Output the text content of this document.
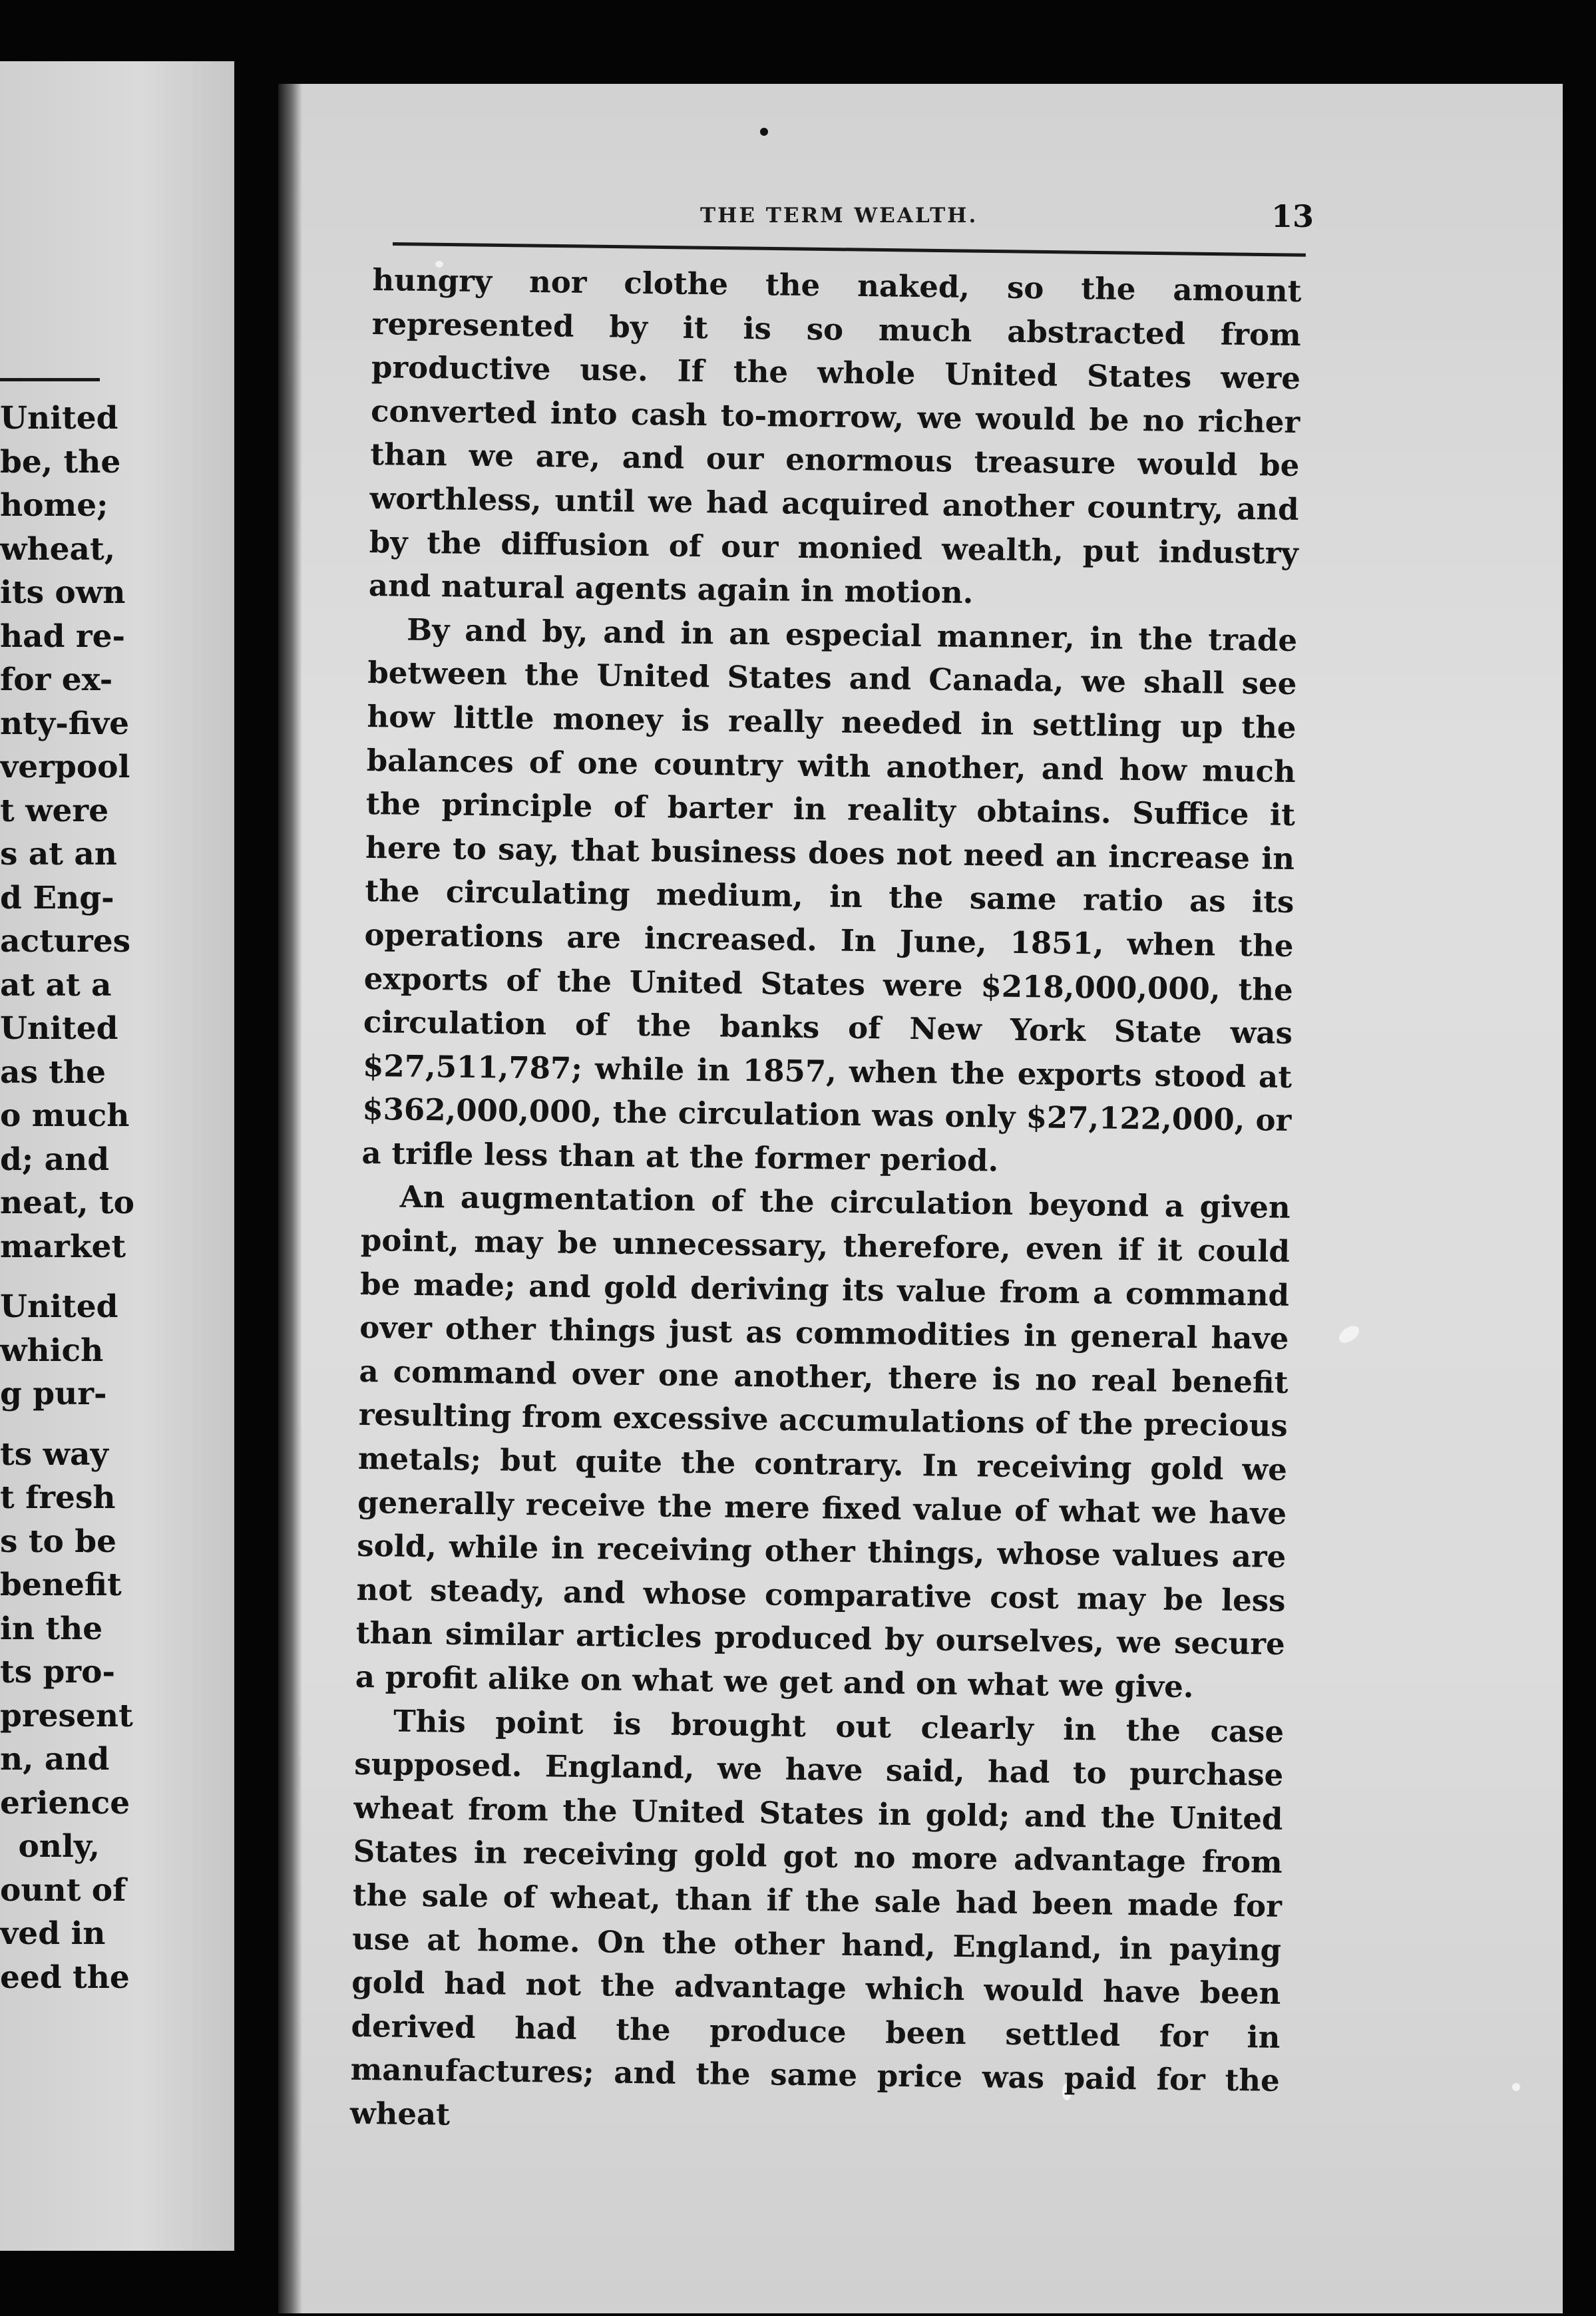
United
be, the
home;
wheat,
its own
had re-
for ex-
nty-five
verpool
t were
s at an
d Eng-
actures
at at a
United
as the
o much
d; and
neat, to
market
United
which
g pur-
ts way
t fresh
s to be
benefit
in the
ts pro-
present
n, and
erience
only,
ount of
ved in
eed the
THE TERM WEALTH.	13

hungry nor clothe the naked, so the amount represented by it is so much abstracted from productive use. If the whole United States were converted into cash to-morrow, we would be no richer than we are, and our enormous treasure would be worthless, until we had acquired another country, and by the diffusion of our monied wealth, put industry and natural agents again in motion.

By and by, and in an especial manner, in the trade between the United States and Canada, we shall see how little money is really needed in settling up the balances of one country with another, and how much the principle of barter in reality obtains. Suffice it here to say, that business does not need an increase in the circulating medium, in the same ratio as its operations are increased. In June, 1851, when the exports of the United States were $218,000,000, the circulation of the banks of New York State was $27,511,787; while in 1857, when the exports stood at $362,000,000, the circulation was only $27,122,000, or a trifle less than at the former period.

An augmentation of the circulation beyond a given point, may be unnecessary, therefore, even if it could be made; and gold deriving its value from a command over other things just as commodities in general have a command over one another, there is no real benefit resulting from excessive accumulations of the precious metals; but quite the contrary. In receiving gold we generally receive the mere fixed value of what we have sold, while in receiving other things, whose values are not steady, and whose comparative cost may be less than similar articles produced by ourselves, we secure a profit alike on what we get and on what we give.

This point is brought out clearly in the case supposed. England, we have said, had to purchase wheat from the United States in gold; and the United States in receiving gold got no more advantage from the sale of wheat, than if the sale had been made for use at home. On the other hand, England, in paying gold had not the advantage which would have been derived had the produce been settled for in manufactures; and the same price was paid for the wheat
